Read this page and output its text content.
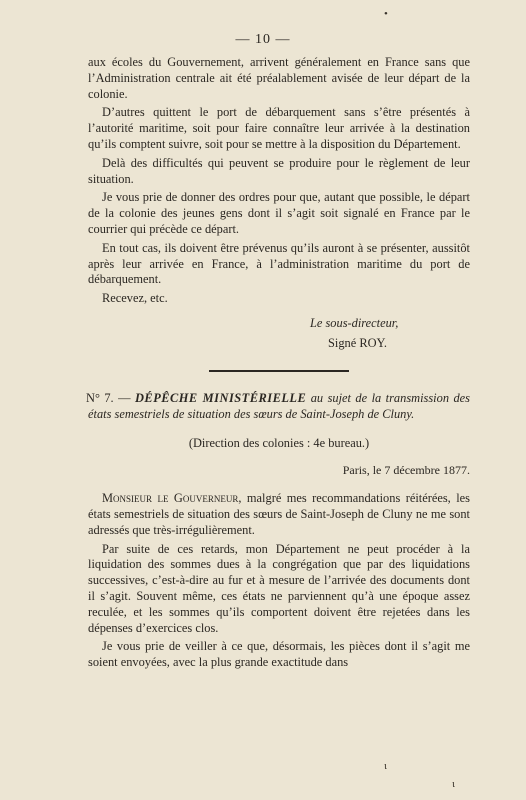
•
— 10 —

aux écoles du Gouvernement, arrivent généralement en France sans que l’Administration centrale ait été préalablement avisée de leur départ de la colonie.

D’autres quittent le port de débarquement sans s’être présentés à l’autorité maritime, soit pour faire connaître leur arrivée à la destination qu’ils comptent suivre, soit pour se mettre à la disposition du Département.

Delà des difficultés qui peuvent se produire pour le règlement de leur situation.

Je vous prie de donner des ordres pour que, autant que possible, le départ de la colonie des jeunes gens dont il s’agit soit signalé en France par le courrier qui précède ce départ.

En tout cas, ils doivent être prévenus qu’ils auront à se présenter, aussitôt après leur arrivée en France, à l’administration maritime du port de débarquement.

Recevez, etc.

Le sous-directeur,

Signé ROY.

N° 7. — DÉPÊCHE MINISTÉRIELLE au sujet de la transmission des états semestriels de situation des sœurs de Saint-Joseph de Cluny.

(Direction des colonies : 4e bureau.)

Paris, le 7 décembre 1877.

Monsieur le Gouverneur, malgré mes recommandations réitérées, les états semestriels de situation des sœurs de Saint-Joseph de Cluny ne me sont adressés que très-irrégulièrement.

Par suite de ces retards, mon Département ne peut procéder à la liquidation des sommes dues à la congrégation que par des liquidations successives, c’est-à-dire au fur et à mesure de l’arrivée des documents dont il s’agit. Souvent même, ces états ne parviennent qu’à une époque assez reculée, et les sommes qu’ils comportent doivent être rejetées dans les dépenses d’exercices clos.

Je vous prie de veiller à ce que, désormais, les pièces dont il s’agit me soient envoyées, avec la plus grande exactitude dans

ɩ
ɩ
